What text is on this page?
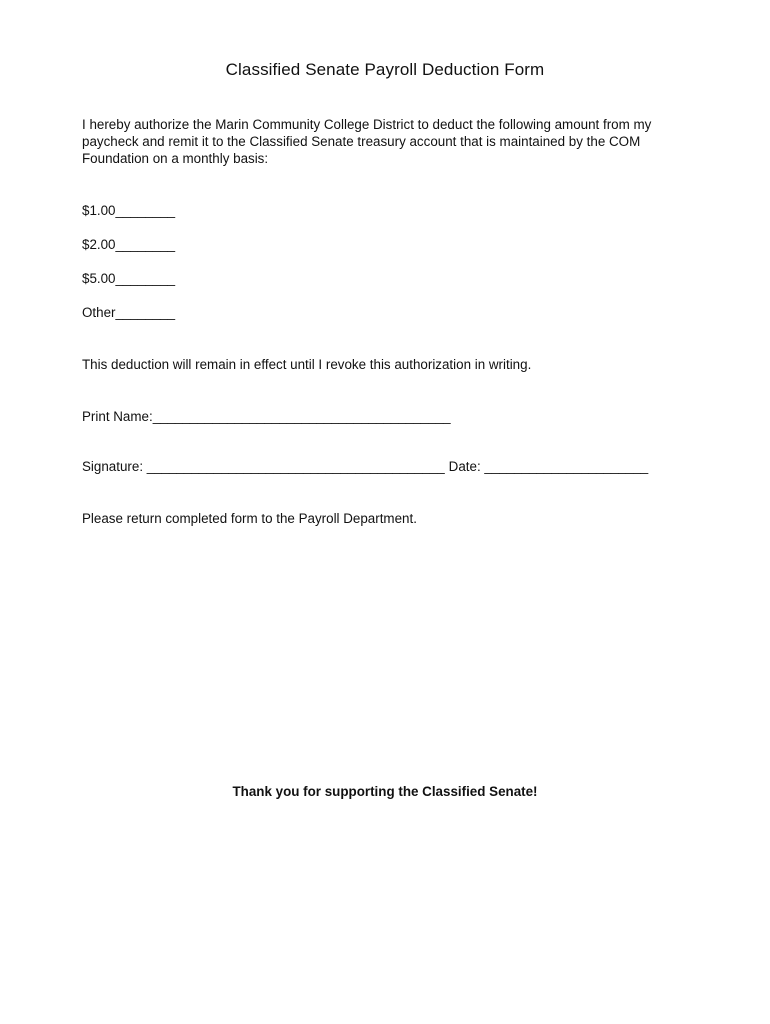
Classified Senate Payroll Deduction Form
I hereby authorize the Marin Community College District to deduct the following amount from my paycheck and remit it to the Classified Senate treasury account that is maintained by the COM Foundation on a monthly basis:
$1.00________
$2.00________
$5.00________
Other________
This deduction will remain in effect until I revoke this authorization in writing.
Print Name:________________________________________
Signature: ________________________________________ Date: ______________________
Please return completed form to the Payroll Department.
Thank you for supporting the Classified Senate!
